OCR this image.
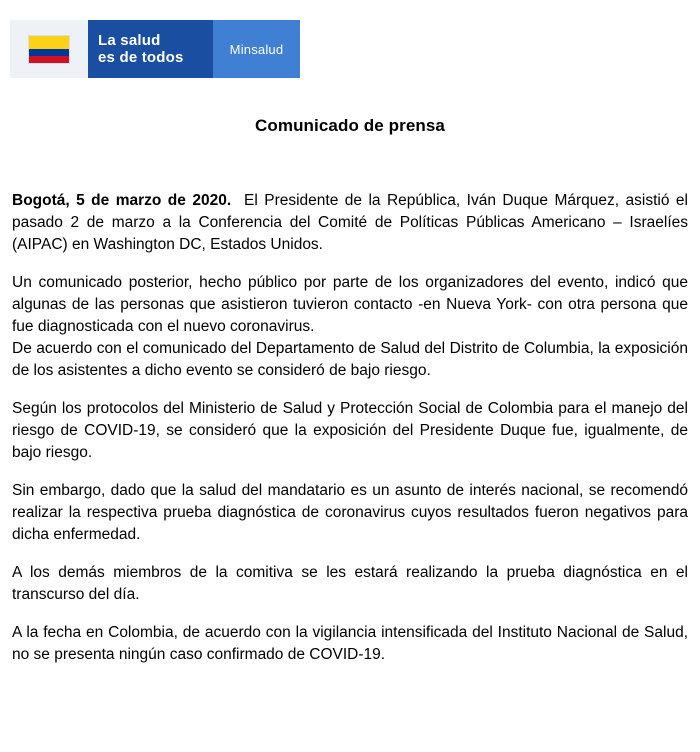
La salud
es de todos	Minsalud
Comunicado de prensa

Bogotá, 5 de marzo de 2020. El Presidente de la República, Iván Duque Márquez, asistió el pasado 2 de marzo a la Conferencia del Comité de Políticas Públicas Americano – Israelíes (AIPAC) en Washington DC, Estados Unidos.

Un comunicado posterior, hecho público por parte de los organizadores del evento, indicó que algunas de las personas que asistieron tuvieron contacto -en Nueva York- con otra persona que fue diagnosticada con el nuevo coronavirus.

De acuerdo con el comunicado del Departamento de Salud del Distrito de Columbia, la exposición de los asistentes a dicho evento se consideró de bajo riesgo.

Según los protocolos del Ministerio de Salud y Protección Social de Colombia para el manejo del riesgo de COVID-19, se consideró que la exposición del Presidente Duque fue, igualmente, de bajo riesgo.

Sin embargo, dado que la salud del mandatario es un asunto de interés nacional, se recomendó realizar la respectiva prueba diagnóstica de coronavirus cuyos resultados fueron negativos para dicha enfermedad.

A los demás miembros de la comitiva se les estará realizando la prueba diagnóstica en el transcurso del día.

A la fecha en Colombia, de acuerdo con la vigilancia intensificada del Instituto Nacional de Salud, no se presenta ningún caso confirmado de COVID-19.
